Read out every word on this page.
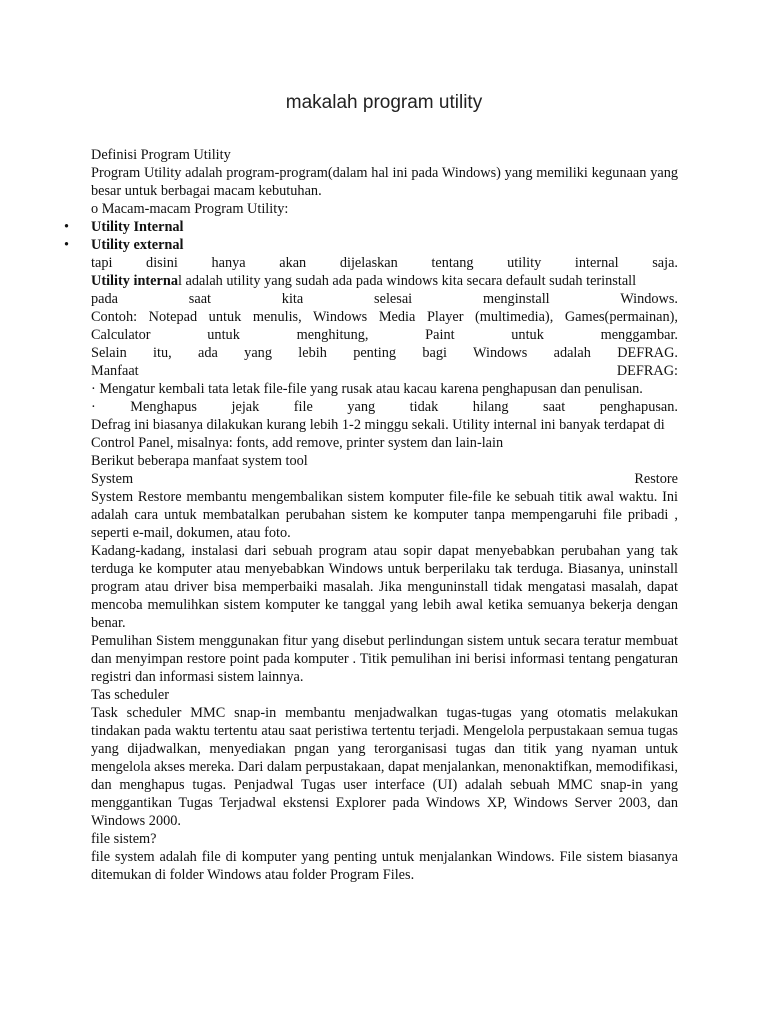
makalah program utility

Definisi Program Utility

Program Utility adalah program-program(dalam hal ini pada Windows) yang memiliki kegunaan yang besar untuk berbagai macam kebutuhan.

o Macam-macam Program Utility:

• Utility Internal
• Utility external

tapi disini hanya akan dijelaskan tentang utility internal saja.

Utility internal adalah utility yang sudah ada pada windows kita secara default sudah terinstall

pada saat kita selesai menginstall Windows.

Contoh: Notepad untuk menulis, Windows Media Player (multimedia), Games(permainan),

Calculator untuk menghitung, Paint untuk menggambar.

Selain itu, ada yang lebih penting bagi Windows adalah DEFRAG.

Manfaat	DEFRAG:

· Mengatur kembali tata letak file-file yang rusak atau kacau karena penghapusan dan penulisan.

· Menghapus jejak file yang tidak hilang saat penghapusan.

Defrag ini biasanya dilakukan kurang lebih 1-2 minggu sekali. Utility internal ini banyak terdapat di Control Panel, misalnya: fonts, add remove, printer system dan lain-lain

Berikut beberapa manfaat system tool

System	Restore

System Restore membantu mengembalikan sistem komputer file-file ke sebuah titik awal waktu. Ini adalah cara untuk membatalkan perubahan sistem ke komputer tanpa mempengaruhi file pribadi , seperti e-mail, dokumen, atau foto.

Kadang-kadang, instalasi dari sebuah program atau sopir dapat menyebabkan perubahan yang tak terduga ke komputer atau menyebabkan Windows untuk berperilaku tak terduga. Biasanya, uninstall program atau driver bisa memperbaiki masalah. Jika menguninstall tidak mengatasi masalah, dapat mencoba memulihkan sistem komputer ke tanggal yang lebih awal ketika semuanya bekerja dengan benar.

Pemulihan Sistem menggunakan fitur yang disebut perlindungan sistem untuk secara teratur membuat dan menyimpan restore point pada komputer . Titik pemulihan ini berisi informasi tentang pengaturan registri dan informasi sistem lainnya.

Tas scheduler

Task scheduler MMC snap-in membantu menjadwalkan tugas-tugas yang otomatis melakukan tindakan pada waktu tertentu atau saat peristiwa tertentu terjadi. Mengelola perpustakaan semua tugas yang dijadwalkan, menyediakan pngan yang terorganisasi tugas dan titik yang nyaman untuk mengelola akses mereka. Dari dalam perpustakaan, dapat menjalankan, menonaktifkan, memodifikasi, dan menghapus tugas. Penjadwal Tugas user interface (UI) adalah sebuah MMC snap-in yang menggantikan Tugas Terjadwal ekstensi Explorer pada Windows XP, Windows Server 2003, dan Windows 2000.

file sistem?

file system adalah file di komputer yang penting untuk menjalankan Windows. File sistem biasanya ditemukan di folder Windows atau folder Program Files.
